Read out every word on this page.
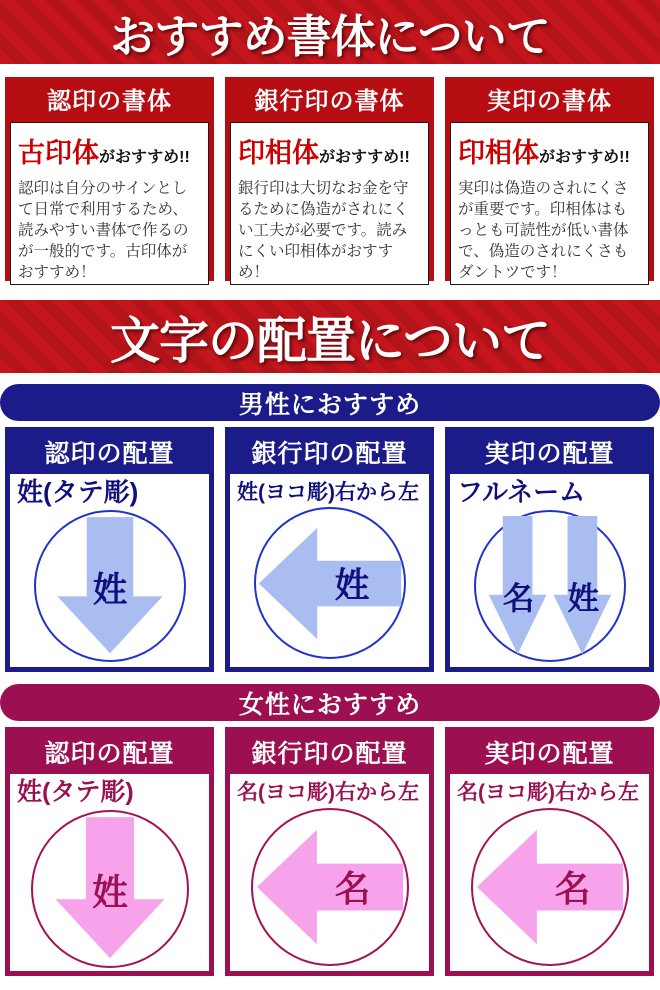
おすすめ書体について
認印の書体
古印体がおすすめ!!
認印は自分のサインとして日常で利用するため、読みやすい書体で作るのが一般的です。古印体がおすすめ！
銀行印の書体
印相体がおすすめ!!
銀行印は大切なお金を守るために偽造がされにくい工夫が必要です。読みにくい印相体がおすすめ！
実印の書体
印相体がおすすめ!!
実印は偽造のされにくさが重要です。印相体はもっとも可読性が低い書体で、偽造のされにくさもダントツです！
文字の配置について
男性におすすめ
認印の配置
姓(タテ彫)
姓
銀行印の配置
姓(ヨコ彫)右から左
姓
実印の配置
フルネーム
名 姓
女性におすすめ
認印の配置
姓(タテ彫)
姓
銀行印の配置
名(ヨコ彫)右から左
名
実印の配置
名(ヨコ彫)右から左
名
